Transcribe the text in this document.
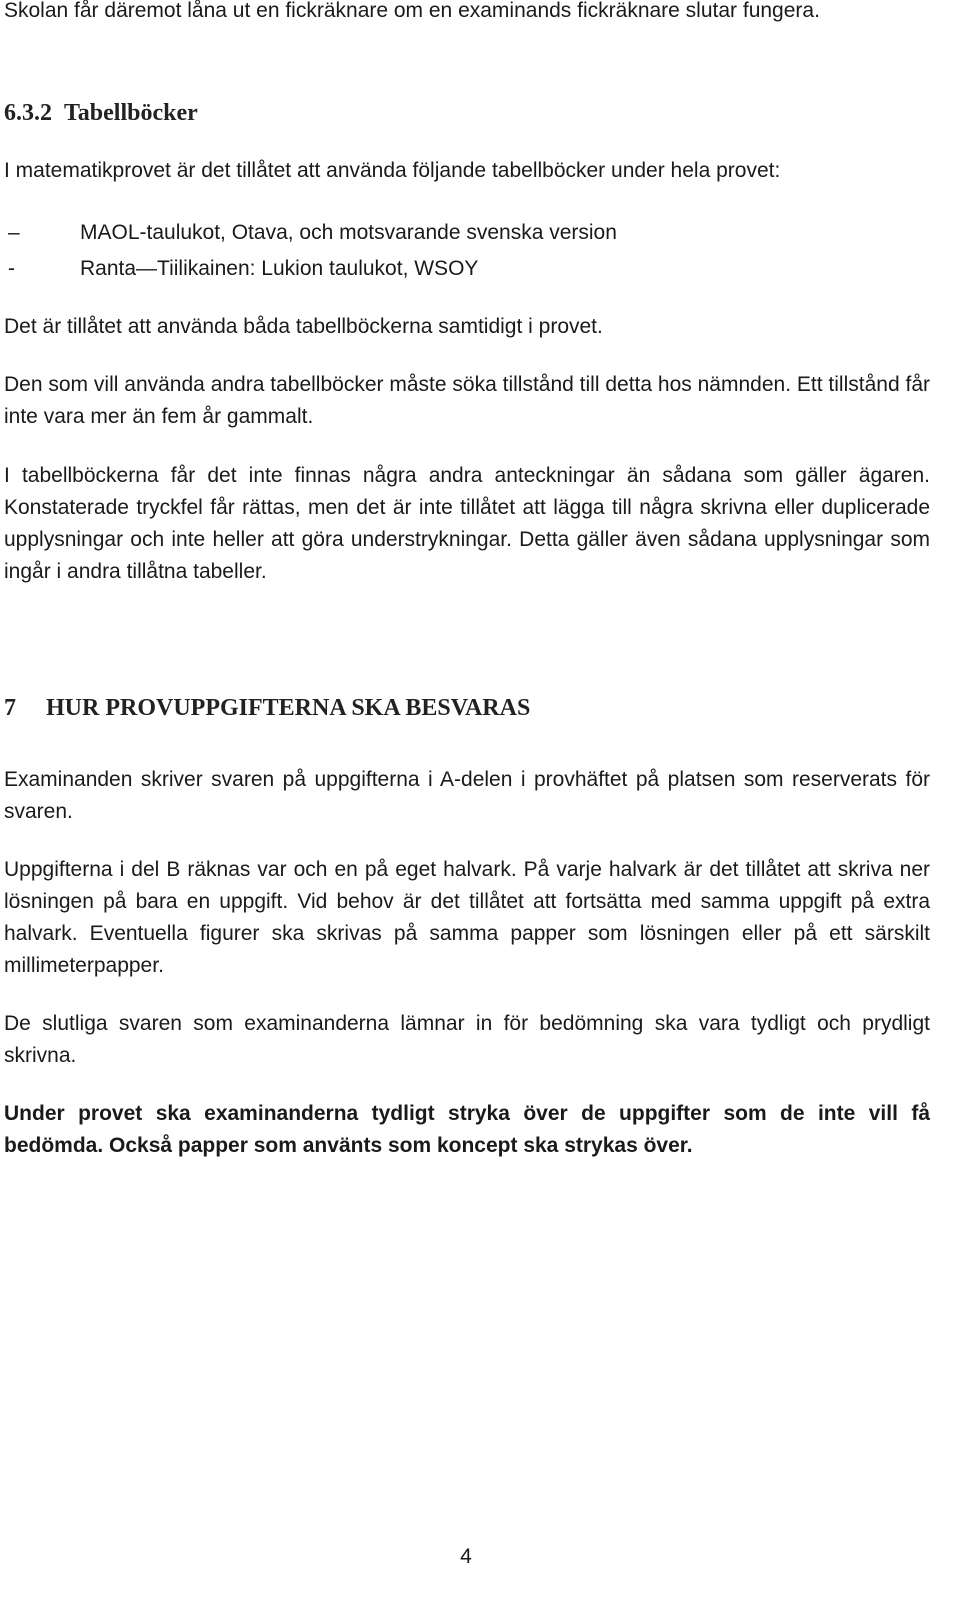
Skolan får däremot låna ut en fickräknare om en examinands fickräknare slutar fungera.

6.3.2 Tabellböcker

I matematikprovet är det tillåtet att använda följande tabellböcker under hela provet:

–	MAOL-taulukot, Otava, och motsvarande svenska version
-	Ranta—Tiilikainen: Lukion taulukot, WSOY

Det är tillåtet att använda båda tabellböckerna samtidigt i provet.

Den som vill använda andra tabellböcker måste söka tillstånd till detta hos nämnden. Ett tillstånd får inte vara mer än fem år gammalt.

I tabellböckerna får det inte finnas några andra anteckningar än sådana som gäller ägaren. Konstaterade tryckfel får rättas, men det är inte tillåtet att lägga till några skrivna eller duplicerade upplysningar och inte heller att göra understrykningar. Detta gäller även sådana upplysningar som ingår i andra tillåtna tabeller.

7 HUR PROVUPPGIFTERNA SKA BESVARAS

Examinanden skriver svaren på uppgifterna i A-delen i provhäftet på platsen som reserverats för svaren.

Uppgifterna i del B räknas var och en på eget halvark. På varje halvark är det tillåtet att skriva ner lösningen på bara en uppgift. Vid behov är det tillåtet att fortsätta med samma uppgift på extra halvark. Eventuella figurer ska skrivas på samma papper som lösningen eller på ett särskilt millimeterpapper.

De slutliga svaren som examinanderna lämnar in för bedömning ska vara tydligt och prydligt skrivna.

Under provet ska examinanderna tydligt stryka över de uppgifter som de inte vill få bedömda. Också papper som använts som koncept ska strykas över.

4
